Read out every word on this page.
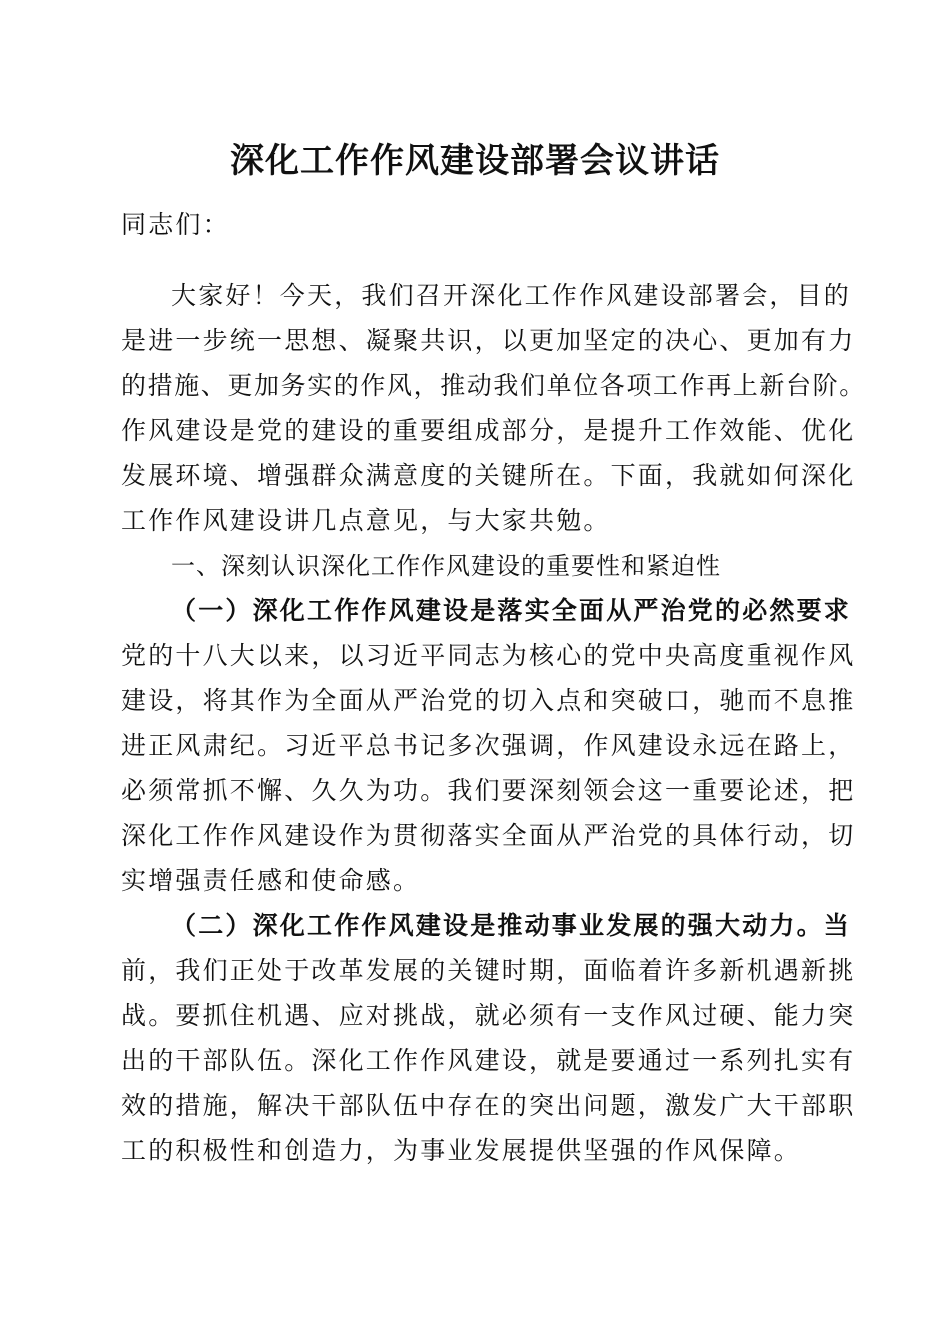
深化工作作风建设部署会议讲话
同志们：
大家好！今天，我们召开深化工作作风建设部署会，目的
是进一步统一思想、凝聚共识，以更加坚定的决心、更加有力
的措施、更加务实的作风，推动我们单位各项工作再上新台阶。
作风建设是党的建设的重要组成部分，是提升工作效能、优化
发展环境、增强群众满意度的关键所在。下面，我就如何深化
工作作风建设讲几点意见，与大家共勉。
一、深刻认识深化工作作风建设的重要性和紧迫性
（一）深化工作作风建设是落实全面从严治党的必然要求
党的十八大以来，以习近平同志为核心的党中央高度重视作风
建设，将其作为全面从严治党的切入点和突破口，驰而不息推
进正风肃纪。习近平总书记多次强调，作风建设永远在路上，
必须常抓不懈、久久为功。我们要深刻领会这一重要论述，把
深化工作作风建设作为贯彻落实全面从严治党的具体行动，切
实增强责任感和使命感。
（二）深化工作作风建设是推动事业发展的强大动力。当
前，我们正处于改革发展的关键时期，面临着许多新机遇新挑
战。要抓住机遇、应对挑战，就必须有一支作风过硬、能力突
出的干部队伍。深化工作作风建设，就是要通过一系列扎实有
效的措施，解决干部队伍中存在的突出问题，激发广大干部职
工的积极性和创造力，为事业发展提供坚强的作风保障。
